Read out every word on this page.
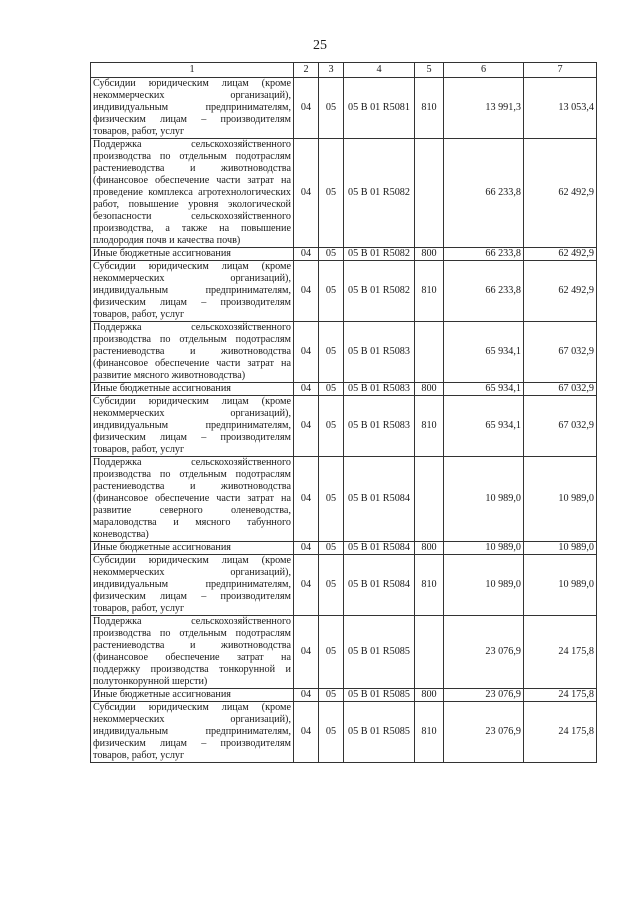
25
1	2	3	4	5	6	7
Субсидии юридическим лицам (кроме некоммерческих организаций), индивидуальным предпринимателям, физическим лицам – производителям товаров, работ, услуг	04	05	05 В 01 R5081	810	13 991,3	13 053,4
Поддержка сельскохозяйственного производства по отдельным подотраслям растениеводства и животноводства (финансовое обеспечение части затрат на проведение комплекса агротехнологических работ, повышение уровня экологической безопасности сельскохозяйственного производства, а также на повышение плодородия почв и качества почв)	04	05	05 В 01 R5082		66 233,8	62 492,9
Иные бюджетные ассигнования	04	05	05 В 01 R5082	800	66 233,8	62 492,9
Субсидии юридическим лицам (кроме некоммерческих организаций), индивидуальным предпринимателям, физическим лицам – производителям товаров, работ, услуг	04	05	05 В 01 R5082	810	66 233,8	62 492,9
Поддержка сельскохозяйственного производства по отдельным подотраслям растениеводства и животноводства (финансовое обеспечение части затрат на развитие мясного животноводства)	04	05	05 В 01 R5083		65 934,1	67 032,9
Иные бюджетные ассигнования	04	05	05 В 01 R5083	800	65 934,1	67 032,9
Субсидии юридическим лицам (кроме некоммерческих организаций), индивидуальным предпринимателям, физическим лицам – производителям товаров, работ, услуг	04	05	05 В 01 R5083	810	65 934,1	67 032,9
Поддержка сельскохозяйственного производства по отдельным подотраслям растениеводства и животноводства (финансовое обеспечение части затрат на развитие северного оленеводства, мараловодства и мясного табунного коневодства)	04	05	05 В 01 R5084		10 989,0	10 989,0
Иные бюджетные ассигнования	04	05	05 В 01 R5084	800	10 989,0	10 989,0
Субсидии юридическим лицам (кроме некоммерческих организаций), индивидуальным предпринимателям, физическим лицам – производителям товаров, работ, услуг	04	05	05 В 01 R5084	810	10 989,0	10 989,0
Поддержка сельскохозяйственного производства по отдельным подотраслям растениеводства и животноводства (финансовое обеспечение затрат на поддержку производства тонкорунной и полутонкорунной шерсти)	04	05	05 В 01 R5085		23 076,9	24 175,8
Иные бюджетные ассигнования	04	05	05 В 01 R5085	800	23 076,9	24 175,8
Субсидии юридическим лицам (кроме некоммерческих организаций), индивидуальным предпринимателям, физическим лицам – производителям товаров, работ, услуг	04	05	05 В 01 R5085	810	23 076,9	24 175,8
